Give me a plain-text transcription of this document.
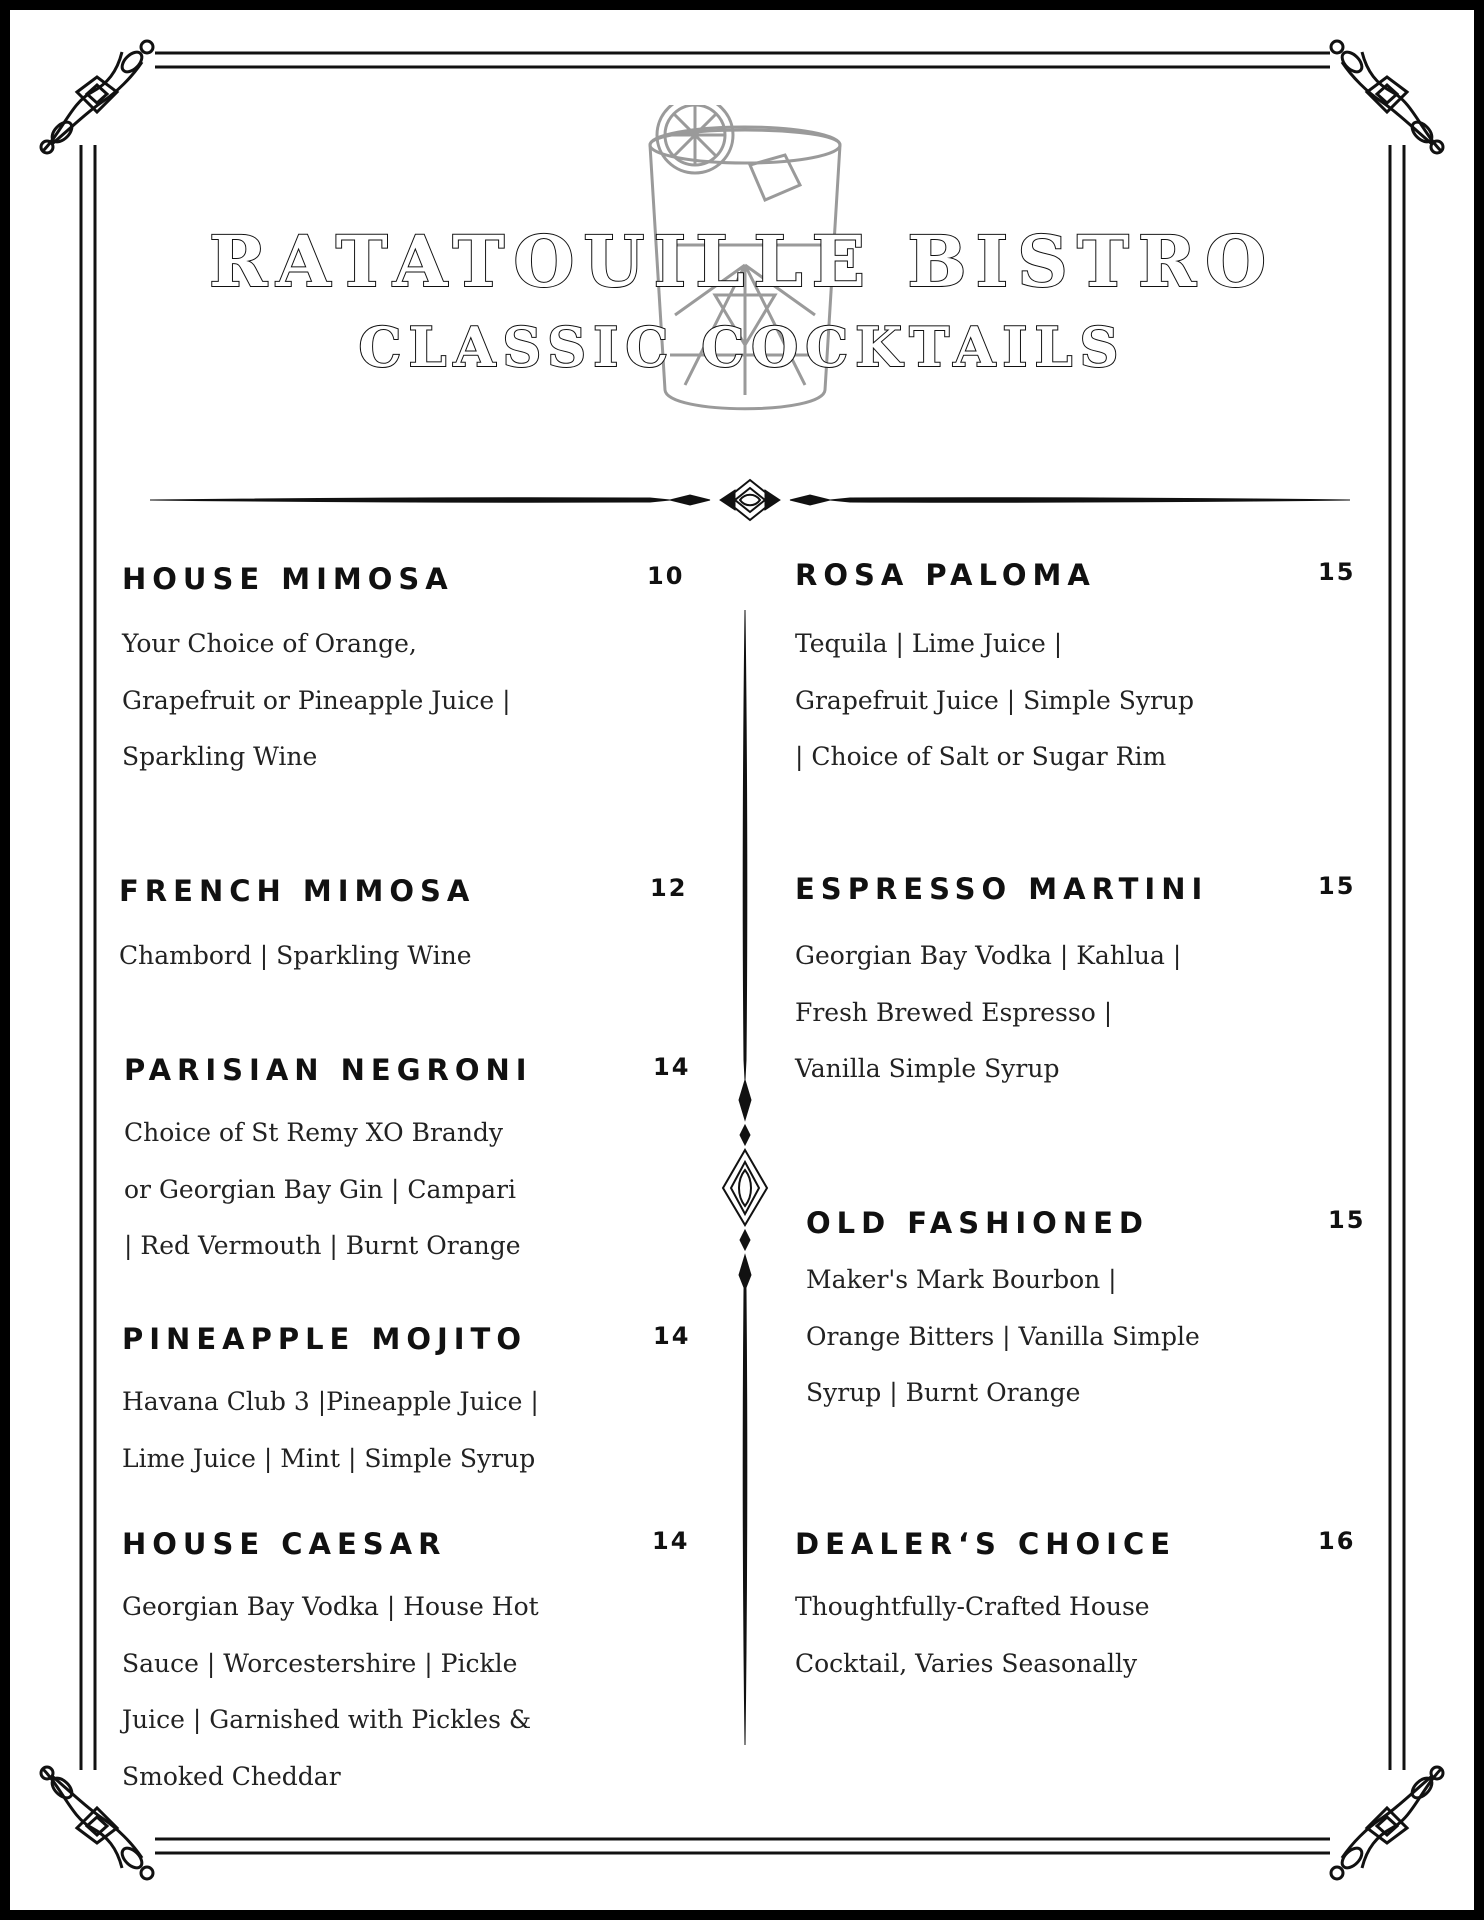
RATATOUILLE BISTRO
CLASSIC COCKTAILS
HOUSE MIMOSA	10
Your Choice of Orange,
Grapefruit or Pineapple Juice |
Sparkling Wine
FRENCH MIMOSA	12
Chambord | Sparkling Wine
PARISIAN NEGRONI	14
Choice of St Remy XO Brandy
or Georgian Bay Gin | Campari
| Red Vermouth | Burnt Orange
PINEAPPLE MOJITO	14
Havana Club 3 |Pineapple Juice |
Lime Juice | Mint | Simple Syrup
HOUSE CAESAR	14
Georgian Bay Vodka | House Hot
Sauce | Worcestershire | Pickle
Juice | Garnished with Pickles &
Smoked Cheddar
ROSA PALOMA	15
Tequila | Lime Juice |
Grapefruit Juice | Simple Syrup
| Choice of Salt or Sugar Rim
ESPRESSO MARTINI	15
Georgian Bay Vodka | Kahlua |
Fresh Brewed Espresso |
Vanilla Simple Syrup
OLD FASHIONED	15
Maker's Mark Bourbon |
Orange Bitters | Vanilla Simple
Syrup | Burnt Orange
DEALER‘S CHOICE	16
Thoughtfully-Crafted House
Cocktail, Varies Seasonally
